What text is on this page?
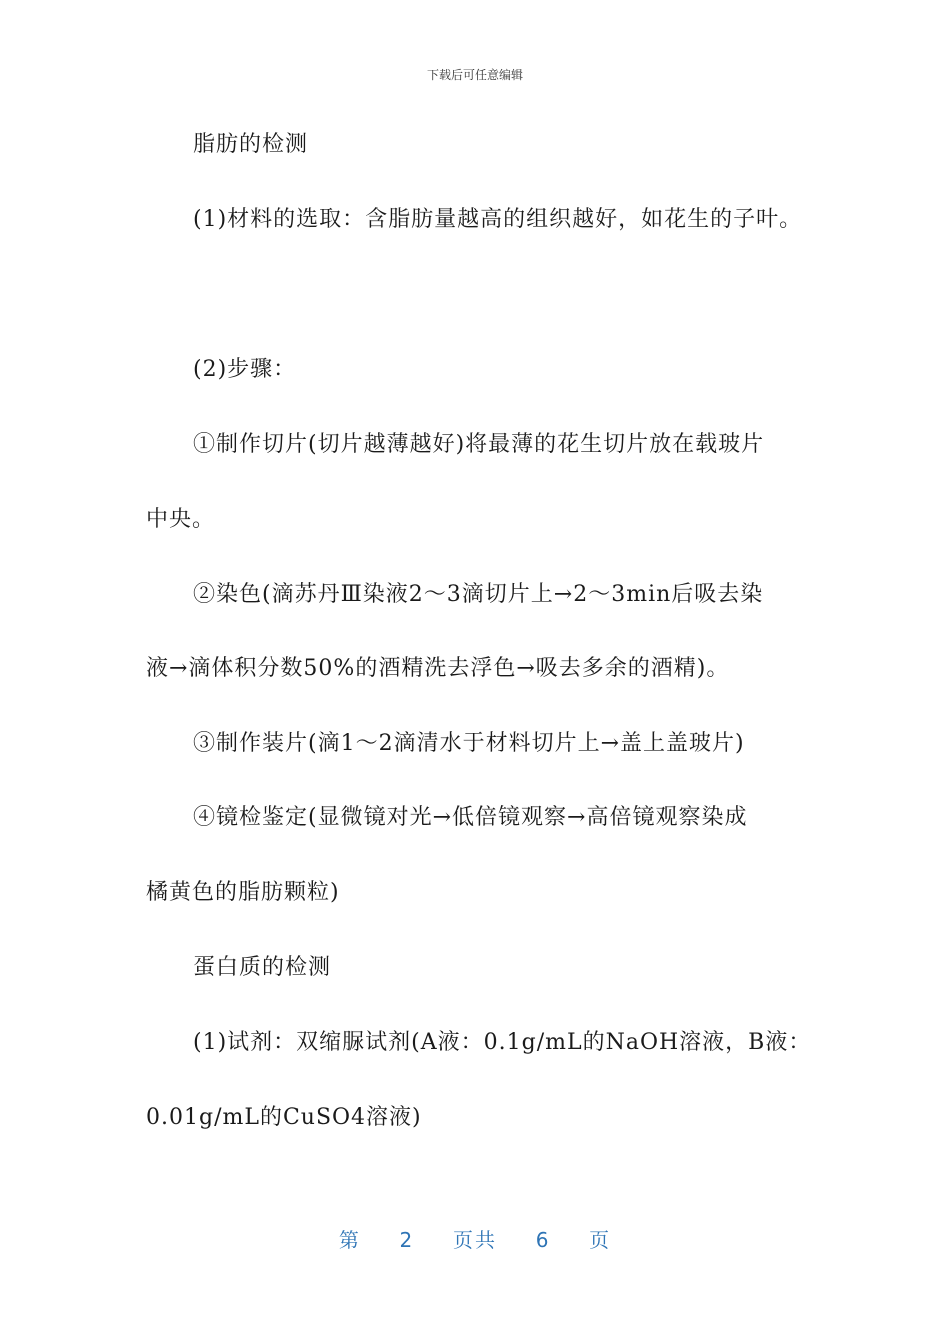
下载后可任意编辑
脂肪的检测
(1)材料的选取：含脂肪量越高的组织越好，如花生的子叶。
(2)步骤：
①制作切片(切片越薄越好)将最薄的花生切片放在载玻片
中央。
②染色(滴苏丹Ⅲ染液2～3滴切片上→2～3min后吸去染
液→滴体积分数50%的酒精洗去浮色→吸去多余的酒精)。
③制作装片(滴1～2滴清水于材料切片上→盖上盖玻片)
④镜检鉴定(显微镜对光→低倍镜观察→高倍镜观察染成
橘黄色的脂肪颗粒)
蛋白质的检测
(1)试剂：双缩脲试剂(A液：0.1g/mL的NaOH溶液，B液：
0.01g/mL的CuSO4溶液)
第 2 页共 6 页
